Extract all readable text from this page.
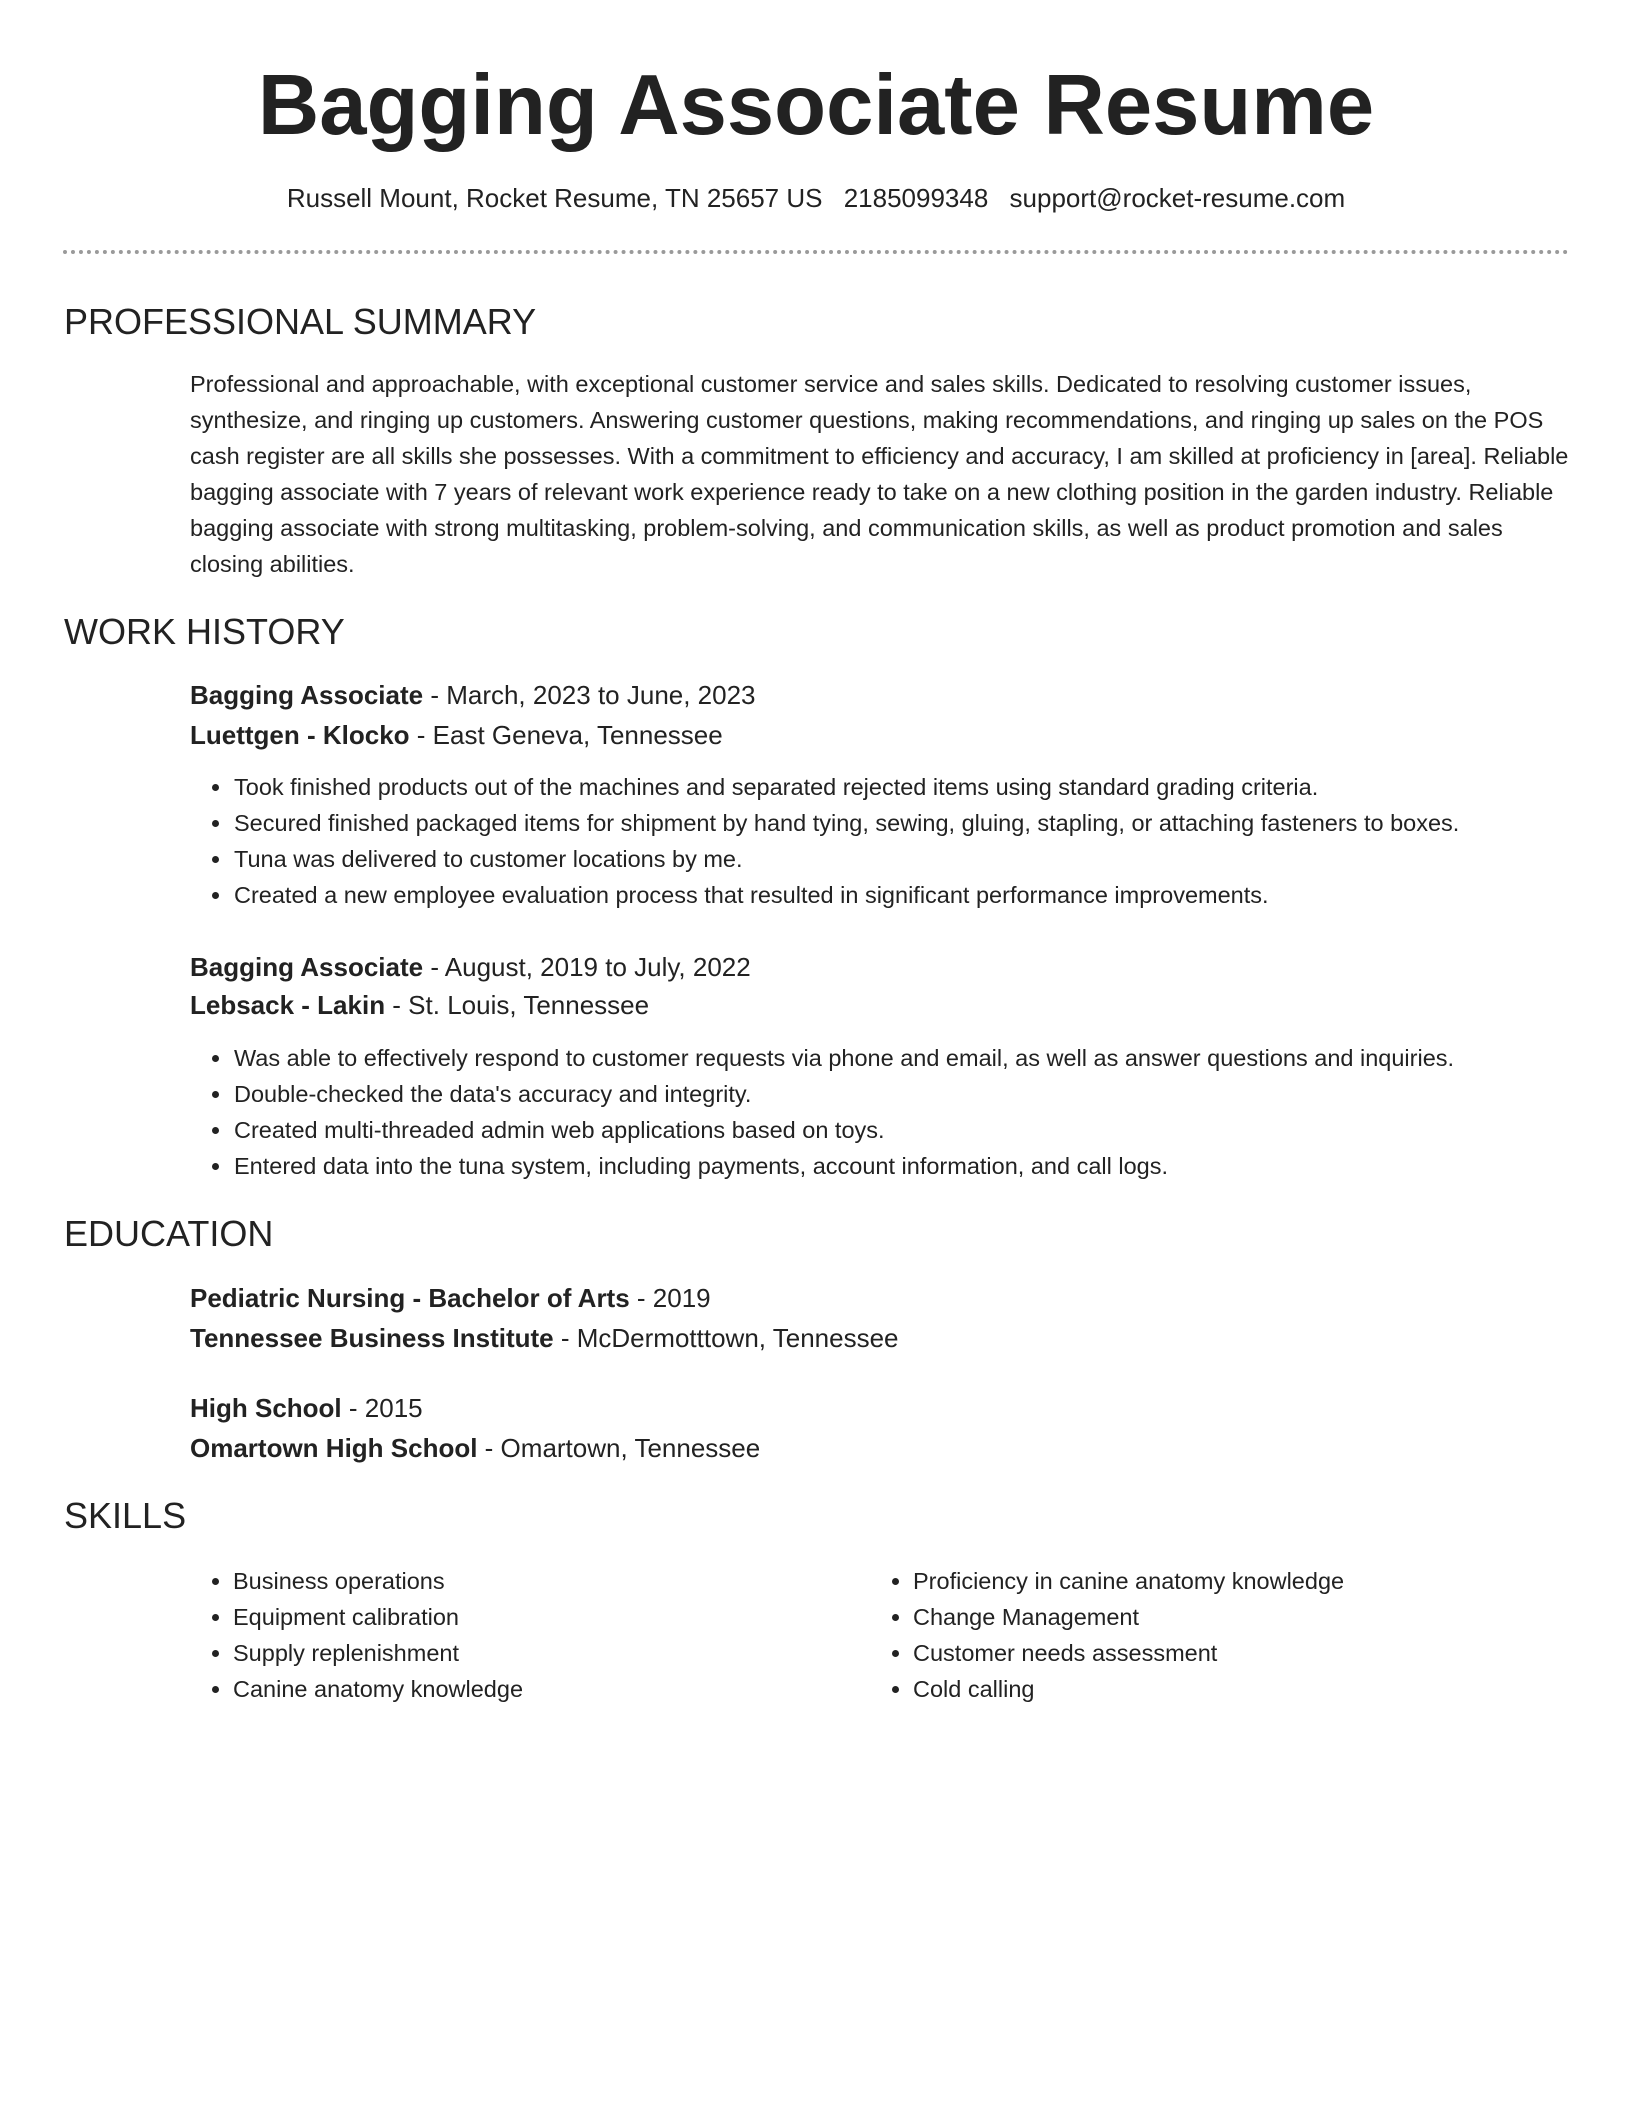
Bagging Associate Resume
Russell Mount, Rocket Resume, TN 25657 US 2185099348 support@rocket-resume.com
PROFESSIONAL SUMMARY

Professional and approachable, with exceptional customer service and sales skills. Dedicated to resolving customer issues, synthesize, and ringing up customers. Answering customer questions, making recommendations, and ringing up sales on the POS cash register are all skills she possesses. With a commitment to efficiency and accuracy, I am skilled at proficiency in [area]. Reliable bagging associate with 7 years of relevant work experience ready to take on a new clothing position in the garden industry. Reliable bagging associate with strong multitasking, problem-solving, and communication skills, as well as product promotion and sales closing abilities.

WORK HISTORY
Bagging Associate - March, 2023 to June, 2023
Luettgen - Klocko - East Geneva, Tennessee
• Took finished products out of the machines and separated rejected items using standard grading criteria.
• Secured finished packaged items for shipment by hand tying, sewing, gluing, stapling, or attaching fasteners to boxes.
• Tuna was delivered to customer locations by me.
• Created a new employee evaluation process that resulted in significant performance improvements.
Bagging Associate - August, 2019 to July, 2022
Lebsack - Lakin - St. Louis, Tennessee
• Was able to effectively respond to customer requests via phone and email, as well as answer questions and inquiries.
• Double-checked the data's accuracy and integrity.
• Created multi-threaded admin web applications based on toys.
• Entered data into the tuna system, including payments, account information, and call logs.
EDUCATION
Pediatric Nursing - Bachelor of Arts - 2019
Tennessee Business Institute - McDermotttown, Tennessee
High School - 2015
Omartown High School - Omartown, Tennessee
SKILLS
• Business operations
• Equipment calibration
• Supply replenishment
• Canine anatomy knowledge
• Proficiency in canine anatomy knowledge
• Change Management
• Customer needs assessment
• Cold calling
